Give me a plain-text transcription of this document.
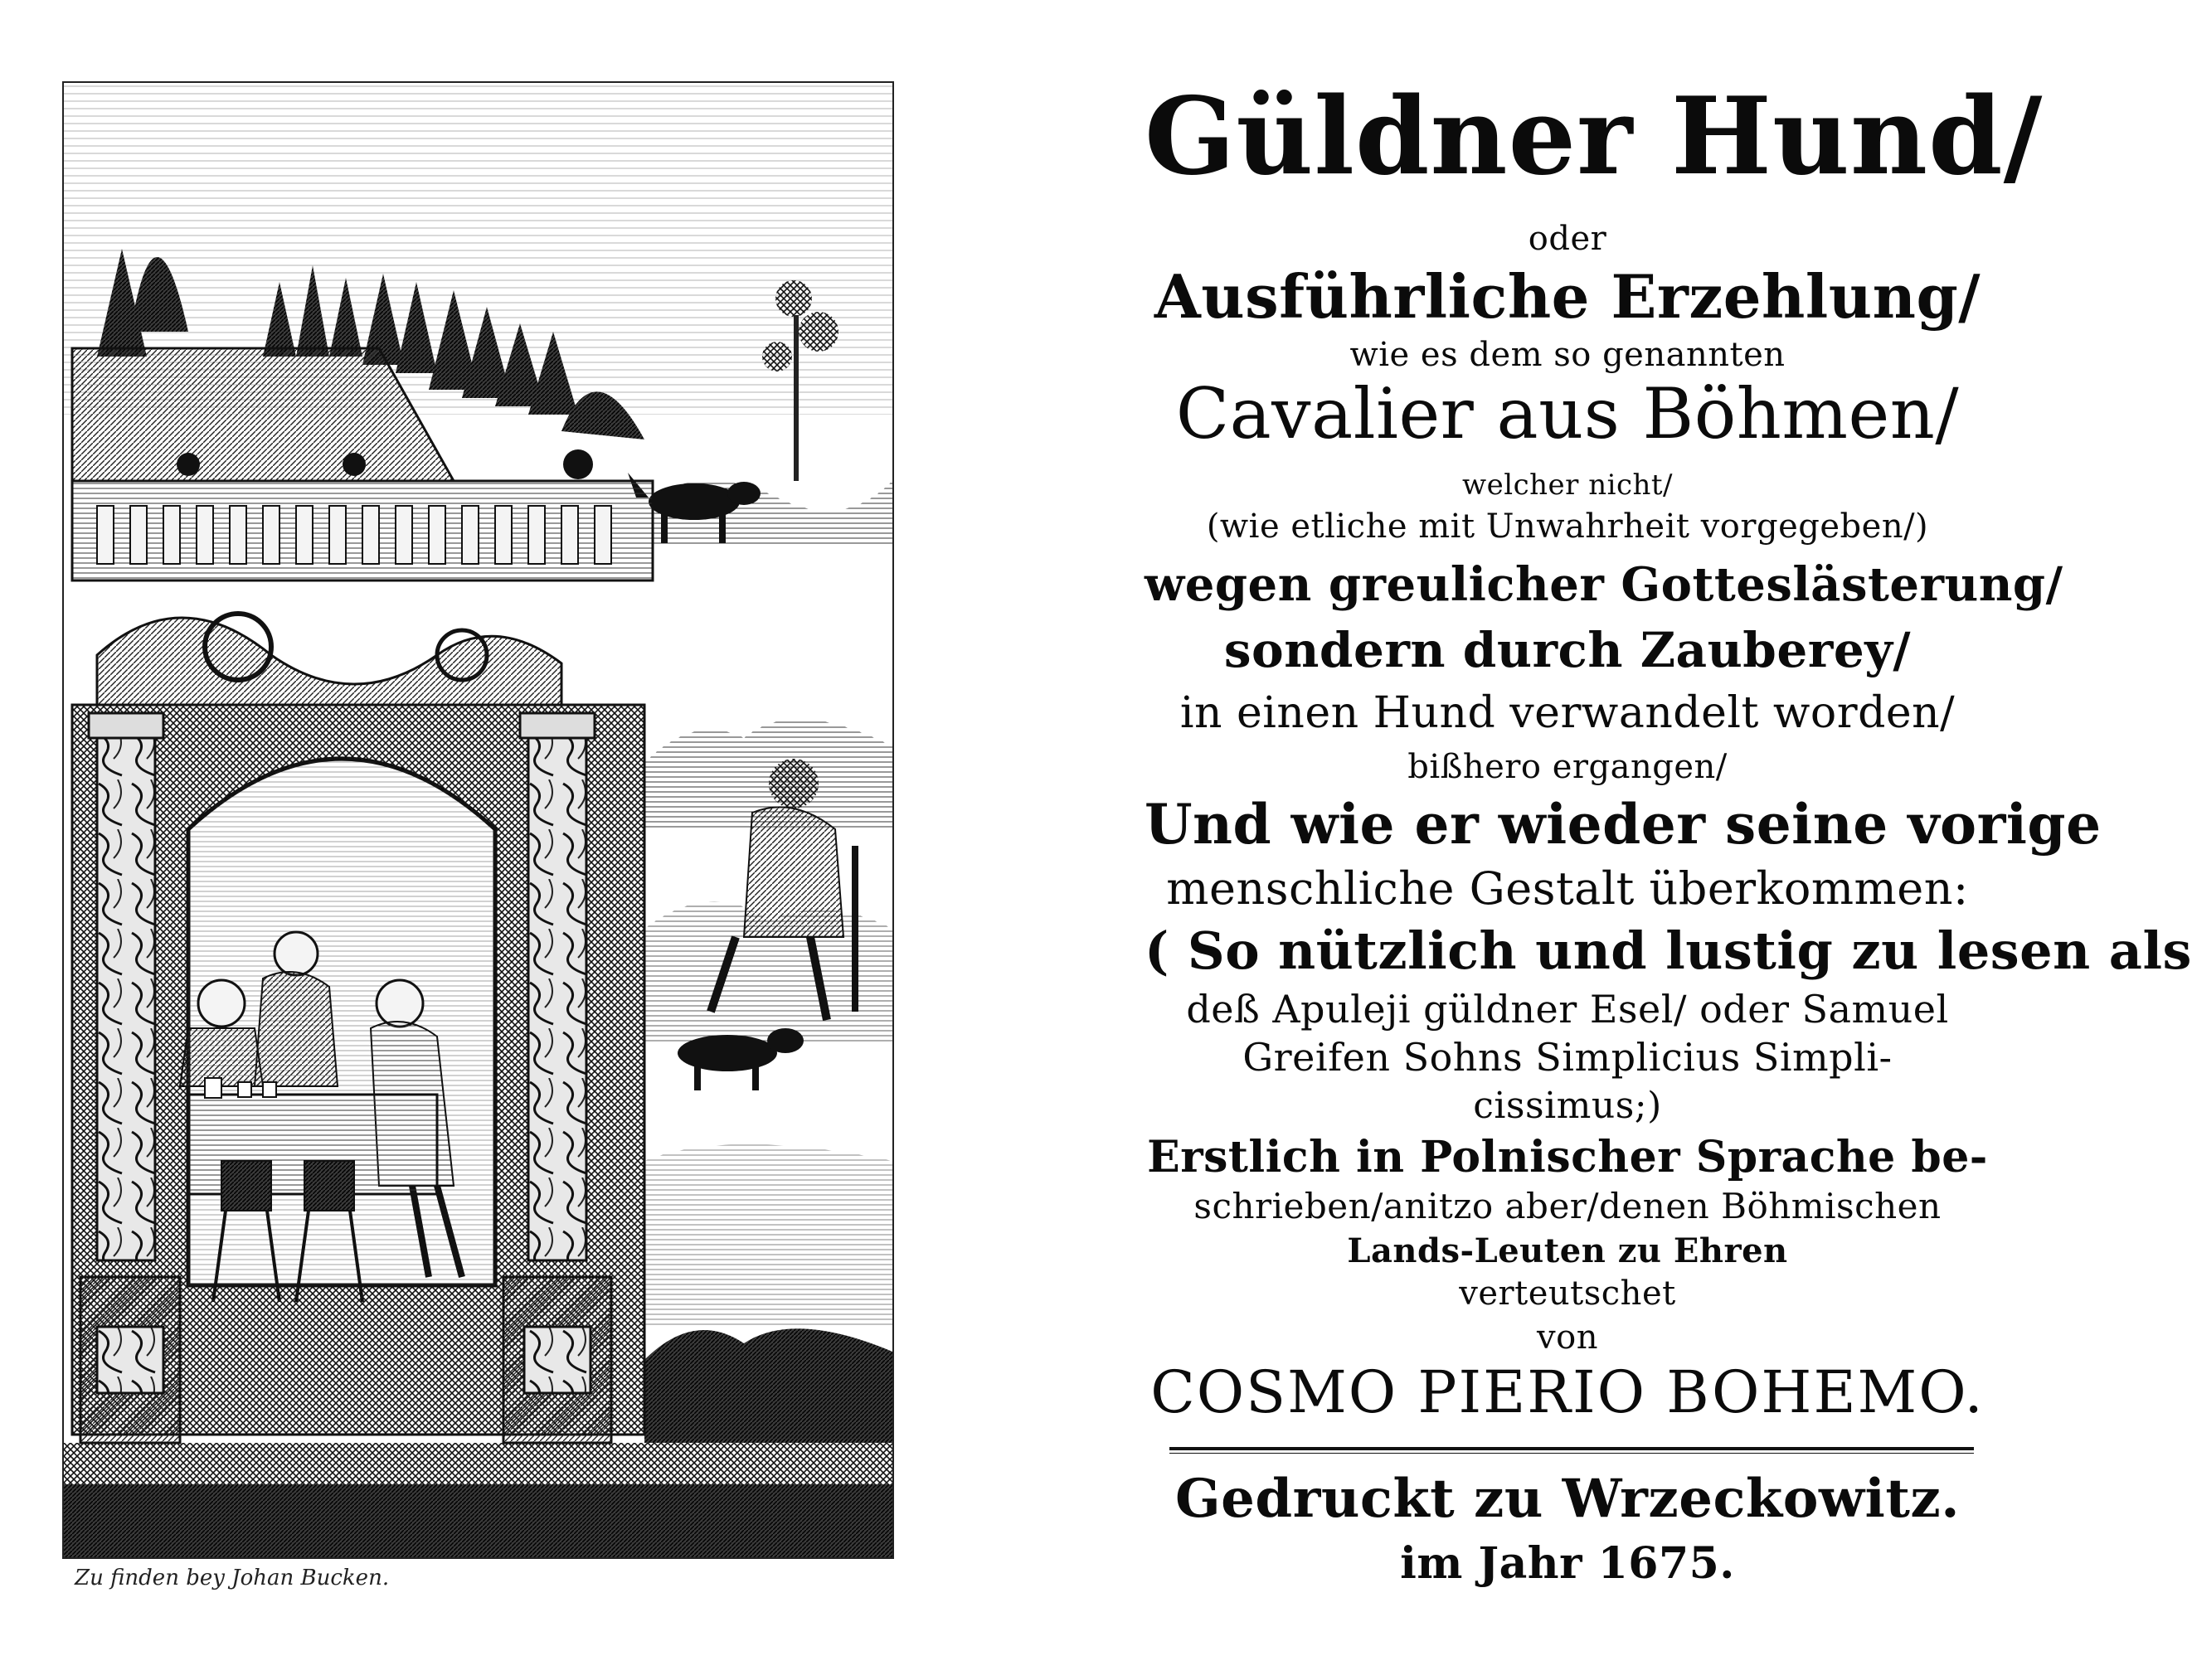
Zu finden bey Johan Bucken.
Güldner Hund/
oder
Ausführliche Erzehlung/
wie es dem so genannten
Cavalier aus Böhmen/
welcher nicht/
(wie etliche mit Unwahrheit vorgegeben/)
wegen greulicher Gotteslästerung/
sondern durch Zauberey/
in einen Hund verwandelt worden/
bißhero ergangen/
Und wie er wieder seine vorige
menschliche Gestalt überkommen:
( So nützlich und lustig zu lesen als
deß Apuleji güldner Esel/ oder Samuel
Greifen Sohns Simplicius Simpli-
cissimus;)
Erstlich in Polnischer Sprache be-
schrieben/anitzo aber/denen Böhmischen
Lands-Leuten zu Ehren
verteutschet
von
COSMO PIERIO BOHEMO.
Gedruckt zu Wrzeckowitz.
im Jahr 1675.
